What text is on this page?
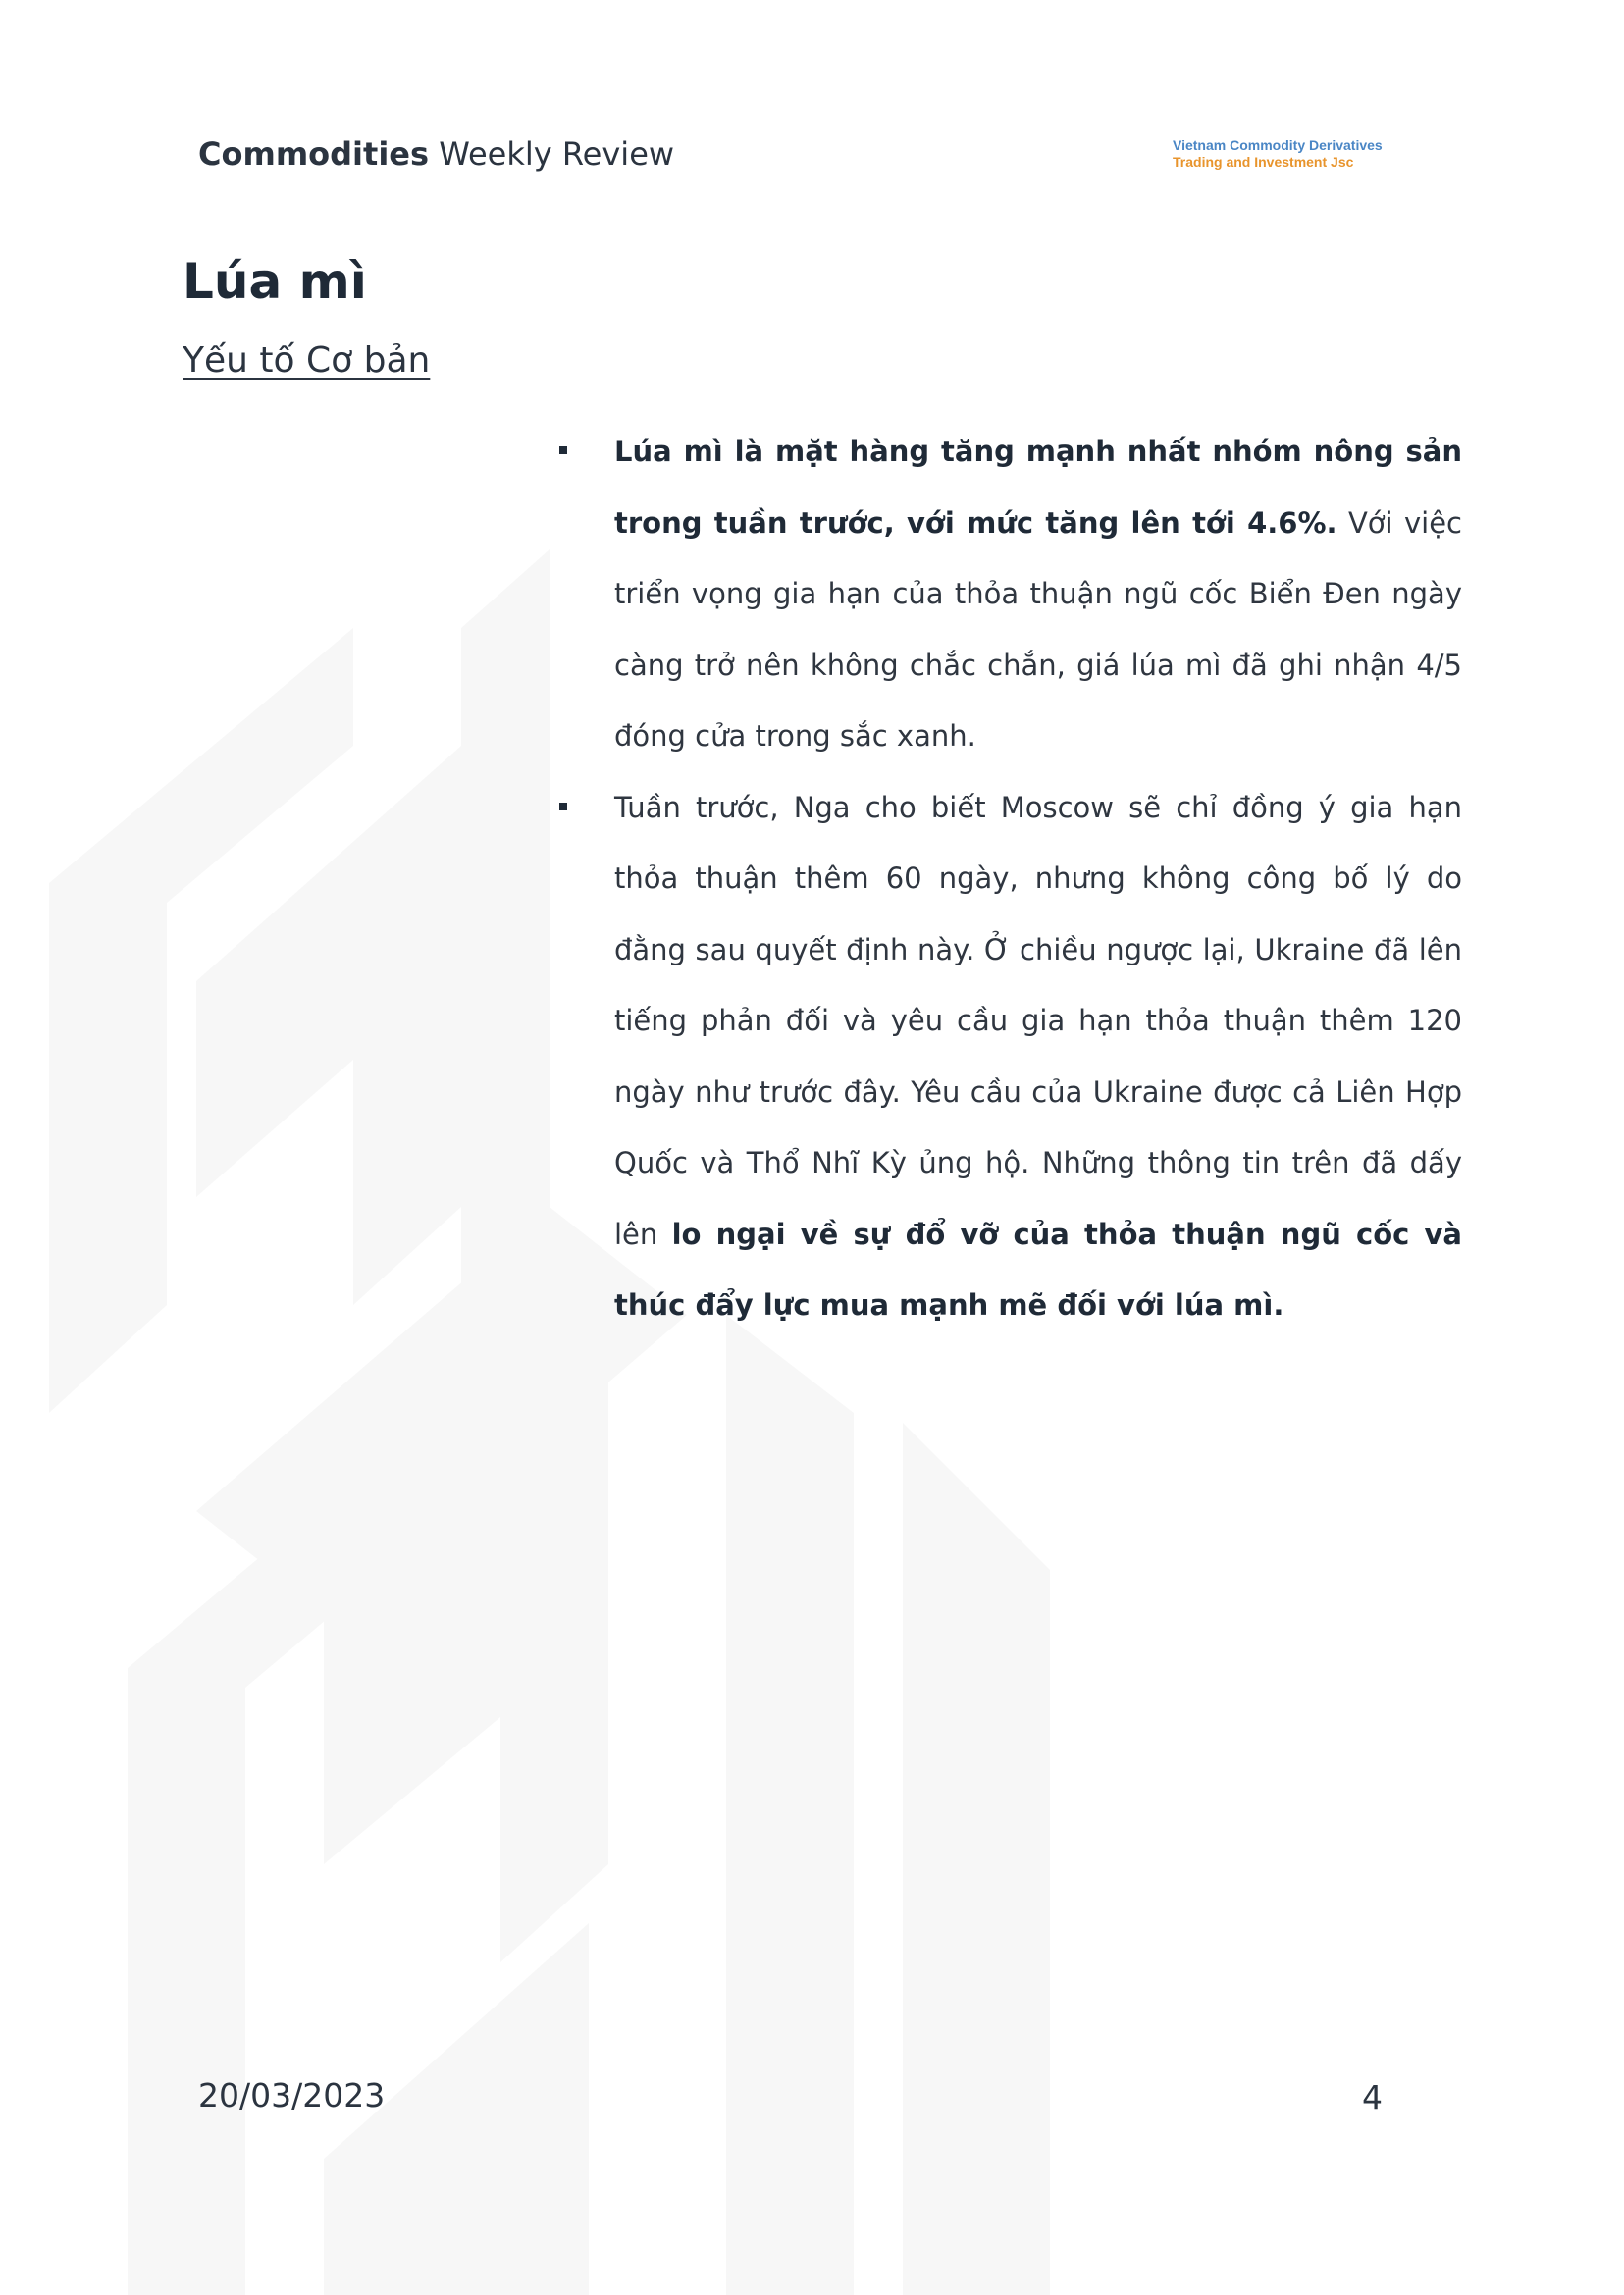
Commodities Weekly Review	Vietnam Commodity Derivatives
Trading and Investment Jsc
Lúa mì
Yếu tố Cơ bản
Lúa mì là mặt hàng tăng mạnh nhất nhóm nông sản trong tuần trước, với mức tăng lên tới 4.6%. Với việc triển vọng gia hạn của thỏa thuận ngũ cốc Biển Đen ngày càng trở nên không chắc chắn, giá lúa mì đã ghi nhận 4/5 đóng cửa trong sắc xanh.
Tuần trước, Nga cho biết Moscow sẽ chỉ đồng ý gia hạn thỏa thuận thêm 60 ngày, nhưng không công bố lý do đằng sau quyết định này. Ở chiều ngược lại, Ukraine đã lên tiếng phản đối và yêu cầu gia hạn thỏa thuận thêm 120 ngày như trước đây. Yêu cầu của Ukraine được cả Liên Hợp Quốc và Thổ Nhĩ Kỳ ủng hộ. Những thông tin trên đã dấy lên lo ngại về sự đổ vỡ của thỏa thuận ngũ cốc và thúc đẩy lực mua mạnh mẽ đối với lúa mì.
20/03/2023	4
